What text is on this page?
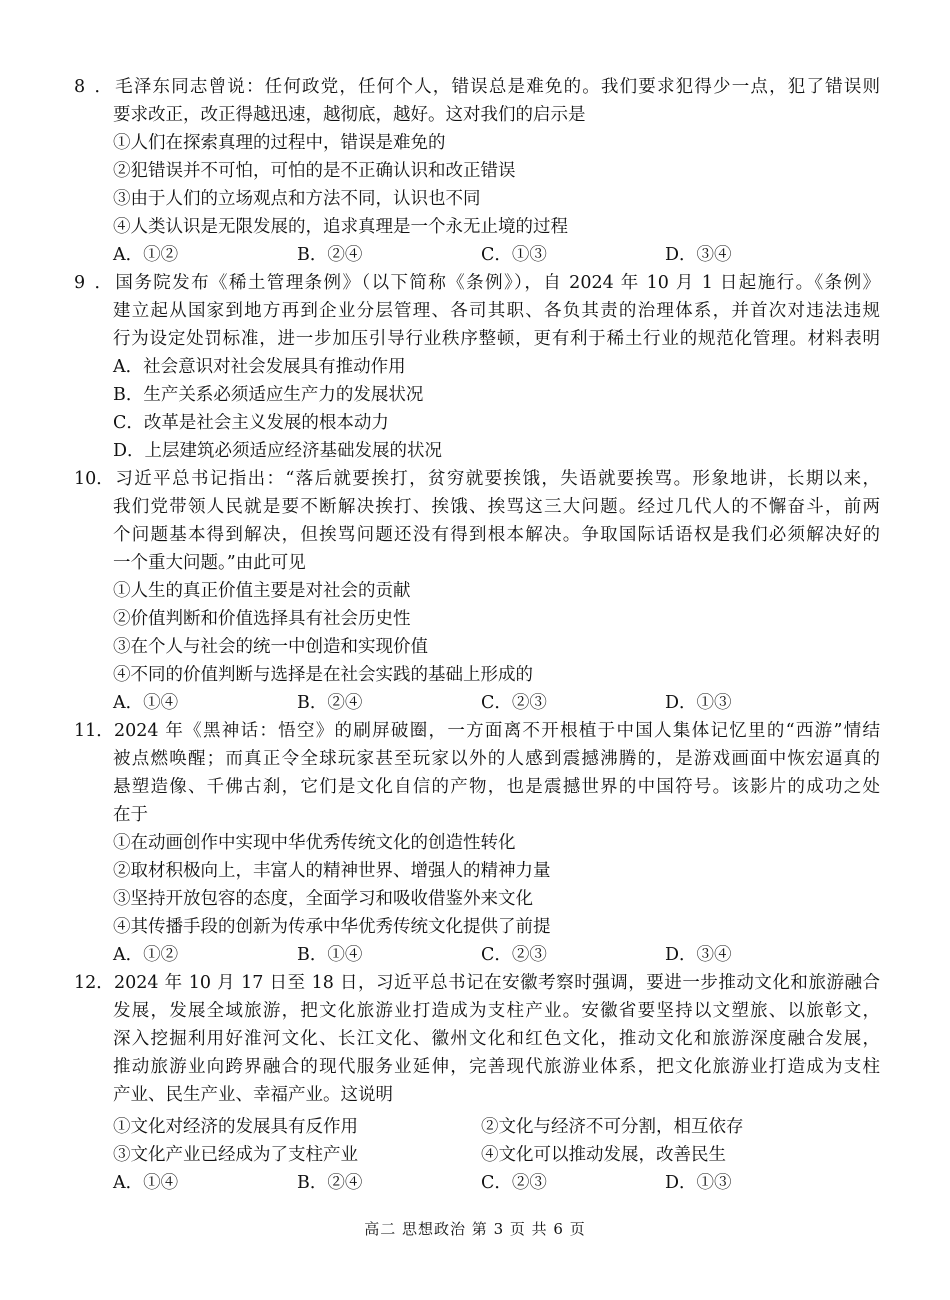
8． 毛泽东同志曾说：任何政党，任何个人，错误总是难免的。我们要求犯得少一点，犯了错误则
要求改正，改正得越迅速，越彻底，越好。这对我们的启示是
①人们在探索真理的过程中，错误是难免的
②犯错误并不可怕，可怕的是不正确认识和改正错误
③由于人们的立场观点和方法不同，认识也不同
④人类认识是无限发展的，追求真理是一个永无止境的过程
A．①②	B．②④	C．①③	D．③④
9． 国务院发布《稀土管理条例》（以下简称《条例》），自 2024 年 10 月 1 日起施行。《条例》
建立起从国家到地方再到企业分层管理、各司其职、各负其责的治理体系，并首次对违法违规
行为设定处罚标准，进一步加压引导行业秩序整顿，更有利于稀土行业的规范化管理。材料表明
A．社会意识对社会发展具有推动作用
B．生产关系必须适应生产力的发展状况
C．改革是社会主义发展的根本动力
D．上层建筑必须适应经济基础发展的状况
10．习近平总书记指出：“落后就要挨打，贫穷就要挨饿，失语就要挨骂。形象地讲，长期以来，
我们党带领人民就是要不断解决挨打、挨饿、挨骂这三大问题。经过几代人的不懈奋斗，前两
个问题基本得到解决，但挨骂问题还没有得到根本解决。争取国际话语权是我们必须解决好的
一个重大问题。”由此可见
①人生的真正价值主要是对社会的贡献
②价值判断和价值选择具有社会历史性
③在个人与社会的统一中创造和实现价值
④不同的价值判断与选择是在社会实践的基础上形成的
A．①④	B．②④	C．②③	D．①③
11．2024 年《黑神话：悟空》的刷屏破圈，一方面离不开根植于中国人集体记忆里的“西游”情结
被点燃唤醒；而真正令全球玩家甚至玩家以外的人感到震撼沸腾的，是游戏画面中恢宏逼真的
悬塑造像、千佛古刹，它们是文化自信的产物，也是震撼世界的中国符号。该影片的成功之处
在于
①在动画创作中实现中华优秀传统文化的创造性转化
②取材积极向上，丰富人的精神世界、增强人的精神力量
③坚持开放包容的态度，全面学习和吸收借鉴外来文化
④其传播手段的创新为传承中华优秀传统文化提供了前提
A．①②	B．①④	C．②③	D．③④
12．2024 年 10 月 17 日至 18 日，习近平总书记在安徽考察时强调，要进一步推动文化和旅游融合
发展，发展全域旅游，把文化旅游业打造成为支柱产业。安徽省要坚持以文塑旅、以旅彰文，
深入挖掘利用好淮河文化、长江文化、徽州文化和红色文化，推动文化和旅游深度融合发展，
推动旅游业向跨界融合的现代服务业延伸，完善现代旅游业体系，把文化旅游业打造成为支柱
产业、民生产业、幸福产业。这说明
①文化对经济的发展具有反作用	②文化与经济不可分割，相互依存
③文化产业已经成为了支柱产业	④文化可以推动发展，改善民生
A．①④	B．②④	C．②③	D．①③
高二 思想政治 第 3 页 共 6 页
